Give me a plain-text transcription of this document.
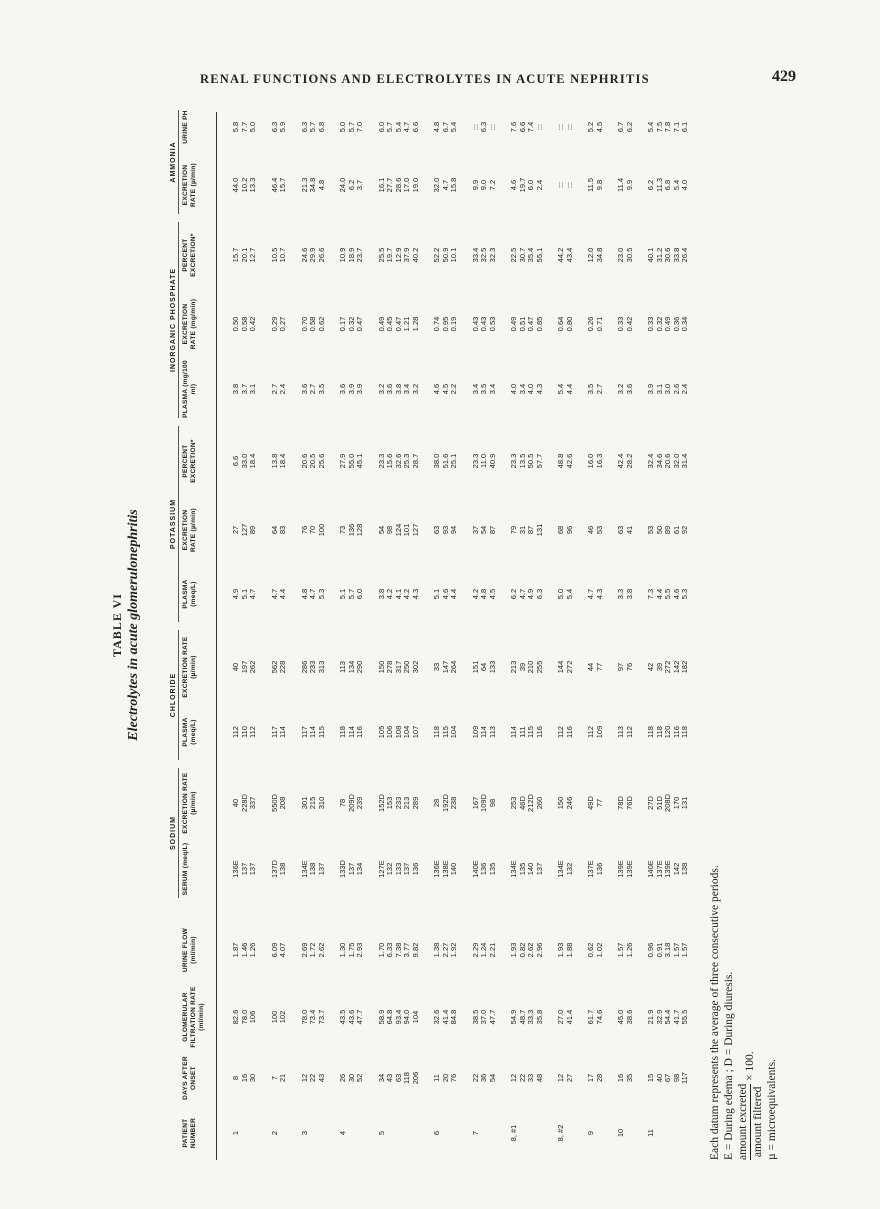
RENAL FUNCTIONS AND ELECTROLYTES IN ACUTE NEPHRITIS	429
TABLE VI Electrolytes in acute glomerulonephritis
SODIUM
CHLORIDE
POTASSIUM
INORGANIC PHOSPHATE
AMMONIA
PATIENT NUMBER
DAYS AFTER ONSET
GLOMERULAR FILTRATION RATE (ml/min)
URINE FLOW (ml/min)
SERUM (meq/L)
EXCRETION RATE (µ/min)
PLASMA (meq/L)
EXCRETION RATE (µ/min)
PLASMA (meq/L)
EXCRETION RATE (µ/min)
PERCENT EXCRETION*
PLASMA (mg/100 ml)
EXCRETION RATE (mg/min)
PERCENT EXCRETION*
EXCRETION RATE (µ/min)
URINE PH
1
8
16
30
82.6
78.0
106
1.87
1.46
1.26
136E
137
137
40
228D
337
112
110
112
40
197
262
4.9
5.1
4.7
27
127
89
6.6
33.0
18.4
3.8
3.7
3.1
0.50
0.58
0.42
15.7
20.1
12.7
44.0
10.2
13.3
5.8
7.7
5.0
2
7
21
100
102
6.09
4.07
137D
138
550D
208
117
114
562
228
4.7
4.4
64
83
13.8
18.4
2.7
2.4
0.29
0.27
10.5
10.7
46.4
15.7
6.3
5.9
3
12
22
43
78.0
73.4
73.7
2.69
1.72
2.62
134E
138
137
301
215
310
117
114
115
286
233
313
4.8
4.7
5.3
76
70
100
20.6
20.5
25.6
3.6
2.7
3.5
0.70
0.58
0.62
24.6
29.9
26.6
21.3
34.8
4.8
6.3
5.7
6.8
4
26
30
52
43.5
43.6
47.7
1.30
1.75
2.93
133D
137
134
78
209D
239
118
114
116
113
134
290
5.1
5.7
6.0
73
136
128
27.9
55.0
45.1
3.6
3.9
3.9
0.17
0.32
0.47
10.9
18.9
23.7
24.0
6.2
3.7
5.0
5.7
7.0
5
34
43
63
118
206
58.9
64.8
93.4
94.0
104
1.70
6.33
7.38
3.77
9.82
127E
132
133
137
136
152D
153
233
213
289
105
106
108
104
107
150
278
317
250
302
3.8
4.2
4.1
4.2
4.3
54
98
124
101
127
23.3
15.6
32.6
25.3
28.7
3.2
3.6
3.8
3.4
3.2
0.49
0.45
0.47
1.21
1.28
25.5
19.7
12.9
37.9
40.2
16.1
27.7
28.6
17.0
19.0
6.0
5.7
5.4
4.7
6.6
6
11
20
76
32.6
41.4
84.8
1.38
2.27
1.92
136E
138E
140
28
192D
238
118
115
104
33
147
264
5.1
4.6
4.4
63
93
94
38.0
51.6
25.1
4.6
4.5
2.2
0.74
0.95
0.19
52.2
50.9
10.1
32.0
4.7
15.8
4.8
6.7
5.4
7
22
36
54
38.5
37.0
47.7
2.29
1.24
2.21
140E
136
135
167
109D
98
109
114
113
151
64
133
4.2
4.8
4.5
37
54
87
23.3
11.0
40.9
3.4
3.5
3.4
0.43
0.43
0.53
33.4
32.5
32.3
9.9
9.0
7.2
:::
6.3
:::
8, #1
12
22
33
48
54.9
48.7
33.3
35.8
1.93
0.82
2.62
2.96
134E
135
140
137
253
46D
212D
260
114
111
115
116
213
39
210
255
6.2
4.7
4.9
6.3
79
31
87
131
23.3
13.5
50.5
57.7
4.0
3.4
4.0
4.3
0.49
0.51
0.47
0.85
22.5
30.7
35.4
55.1
4.6
19.7
6.0
2.4
7.6
6.6
7.4
:::
8, #2
12
27
27.0
41.4
1.93
1.88
134E
132
150
246
112
116
144
272
5.0
5.4
68
96
48.8
42.6
5.4
4.4
0.64
0.80
44.2
43.4
:::
:::
:::
:::
9
17
28
61.7
74.6
0.62
1.02
137E
136
49D
77
112
109
44
77
4.7
4.3
46
53
16.0
16.3
3.5
2.7
0.26
0.71
12.0
34.8
11.5
9.8
5.2
4.5
10
16
35
45.0
38.6
1.57
1.26
139E
139E
78D
76D
113
112
97
76
3.3
3.8
63
41
42.4
28.2
3.2
3.6
0.33
0.42
23.0
30.5
11.4
9.9
6.7
6.2
11
15
40
67
98
117
21.9
32.9
54.4
41.7
55.5
0.96
0.91
3.18
1.57
1.57
140E
137E
139E
142
138
27D
51D
208D
170
131
118
118
120
116
118
42
39
272
142
182
7.3
4.4
5.5
4.6
5.3
53
50
89
61
92
32.4
34.6
20.6
32.0
31.4
3.9
3.1
3.0
2.6
2.4
0.33
0.32
0.49
0.36
0.34
40.1
31.2
30.6
33.8
26.4
6.2
11.3
6.8
5.4
4.0
5.4
7.5
7.8
7.1
6.1
Each datum represents the average of three consecutive periods. E = During edema ; D = During diuresis. amount excreted amount filtered
× 100. µ = microequivalents.
